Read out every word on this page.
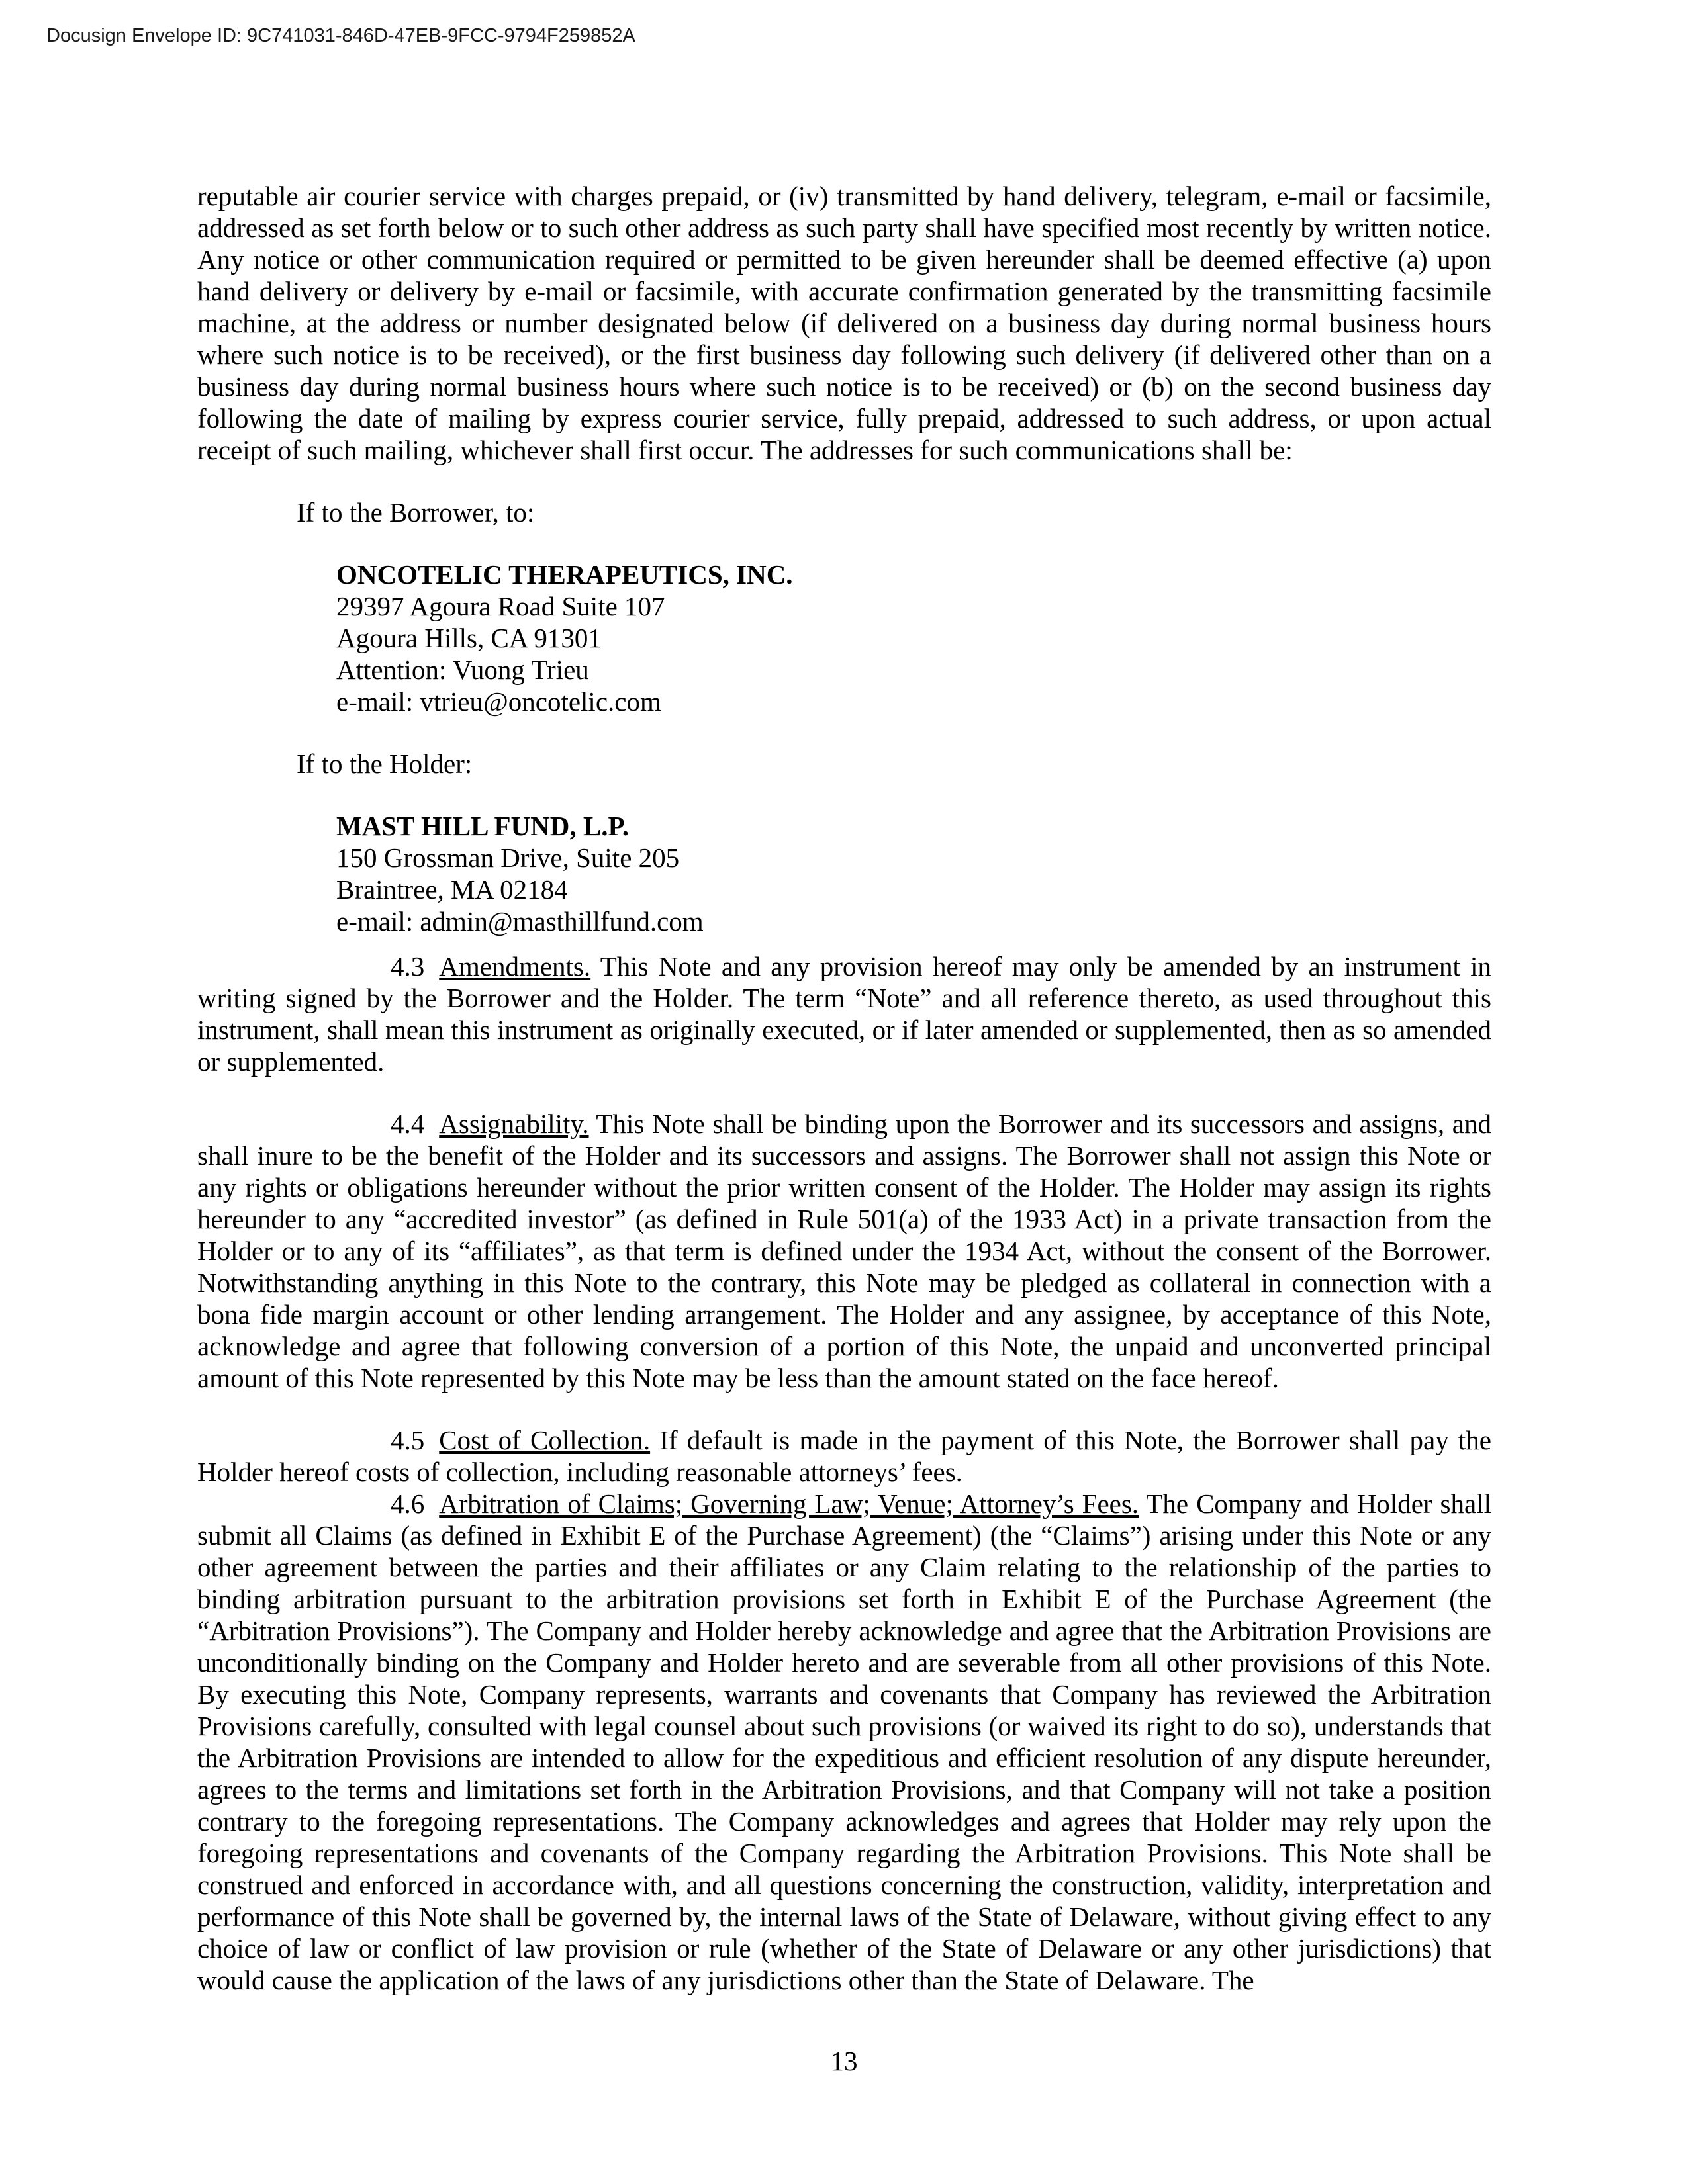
Docusign Envelope ID: 9C741031-846D-47EB-9FCC-9794F259852A

reputable air courier service with charges prepaid, or (iv) transmitted by hand delivery, telegram, e-mail or facsimile, addressed as set forth below or to such other address as such party shall have specified most recently by written notice. Any notice or other communication required or permitted to be given hereunder shall be deemed effective (a) upon hand delivery or delivery by e-mail or facsimile, with accurate confirmation generated by the transmitting facsimile machine, at the address or number designated below (if delivered on a business day during normal business hours where such notice is to be received), or the first business day following such delivery (if delivered other than on a business day during normal business hours where such notice is to be received) or (b) on the second business day following the date of mailing by express courier service, fully prepaid, addressed to such address, or upon actual receipt of such mailing, whichever shall first occur. The addresses for such communications shall be:

If to the Borrower, to:
ONCOTELIC THERAPEUTICS, INC.
29397 Agoura Road Suite 107
Agoura Hills, CA 91301
Attention: Vuong Trieu
e-mail: vtrieu@oncotelic.com
If to the Holder:
MAST HILL FUND, L.P.
150 Grossman Drive, Suite 205
Braintree, MA 02184
e-mail: admin@masthillfund.com

4.3 Amendments. This Note and any provision hereof may only be amended by an instrument in writing signed by the Borrower and the Holder. The term “Note” and all reference thereto, as used throughout this instrument, shall mean this instrument as originally executed, or if later amended or supplemented, then as so amended or supplemented.

4.4 Assignability. This Note shall be binding upon the Borrower and its successors and assigns, and shall inure to be the benefit of the Holder and its successors and assigns. The Borrower shall not assign this Note or any rights or obligations hereunder without the prior written consent of the Holder. The Holder may assign its rights hereunder to any “accredited investor” (as defined in Rule 501(a) of the 1933 Act) in a private transaction from the Holder or to any of its “affiliates”, as that term is defined under the 1934 Act, without the consent of the Borrower. Notwithstanding anything in this Note to the contrary, this Note may be pledged as collateral in connection with a bona fide margin account or other lending arrangement. The Holder and any assignee, by acceptance of this Note, acknowledge and agree that following conversion of a portion of this Note, the unpaid and unconverted principal amount of this Note represented by this Note may be less than the amount stated on the face hereof.

4.5 Cost of Collection. If default is made in the payment of this Note, the Borrower shall pay the Holder hereof costs of collection, including reasonable attorneys’ fees.

4.6 Arbitration of Claims; Governing Law; Venue; Attorney’s Fees. The Company and Holder shall submit all Claims (as defined in Exhibit E of the Purchase Agreement) (the “Claims”) arising under this Note or any other agreement between the parties and their affiliates or any Claim relating to the relationship of the parties to binding arbitration pursuant to the arbitration provisions set forth in Exhibit E of the Purchase Agreement (the “Arbitration Provisions”). The Company and Holder hereby acknowledge and agree that the Arbitration Provisions are unconditionally binding on the Company and Holder hereto and are severable from all other provisions of this Note. By executing this Note, Company represents, warrants and covenants that Company has reviewed the Arbitration Provisions carefully, consulted with legal counsel about such provisions (or waived its right to do so), understands that the Arbitration Provisions are intended to allow for the expeditious and efficient resolution of any dispute hereunder, agrees to the terms and limitations set forth in the Arbitration Provisions, and that Company will not take a position contrary to the foregoing representations. The Company acknowledges and agrees that Holder may rely upon the foregoing representations and covenants of the Company regarding the Arbitration Provisions. This Note shall be construed and enforced in accordance with, and all questions concerning the construction, validity, interpretation and performance of this Note shall be governed by, the internal laws of the State of Delaware, without giving effect to any choice of law or conflict of law provision or rule (whether of the State of Delaware or any other jurisdictions) that would cause the application of the laws of any jurisdictions other than the State of Delaware. The

13
